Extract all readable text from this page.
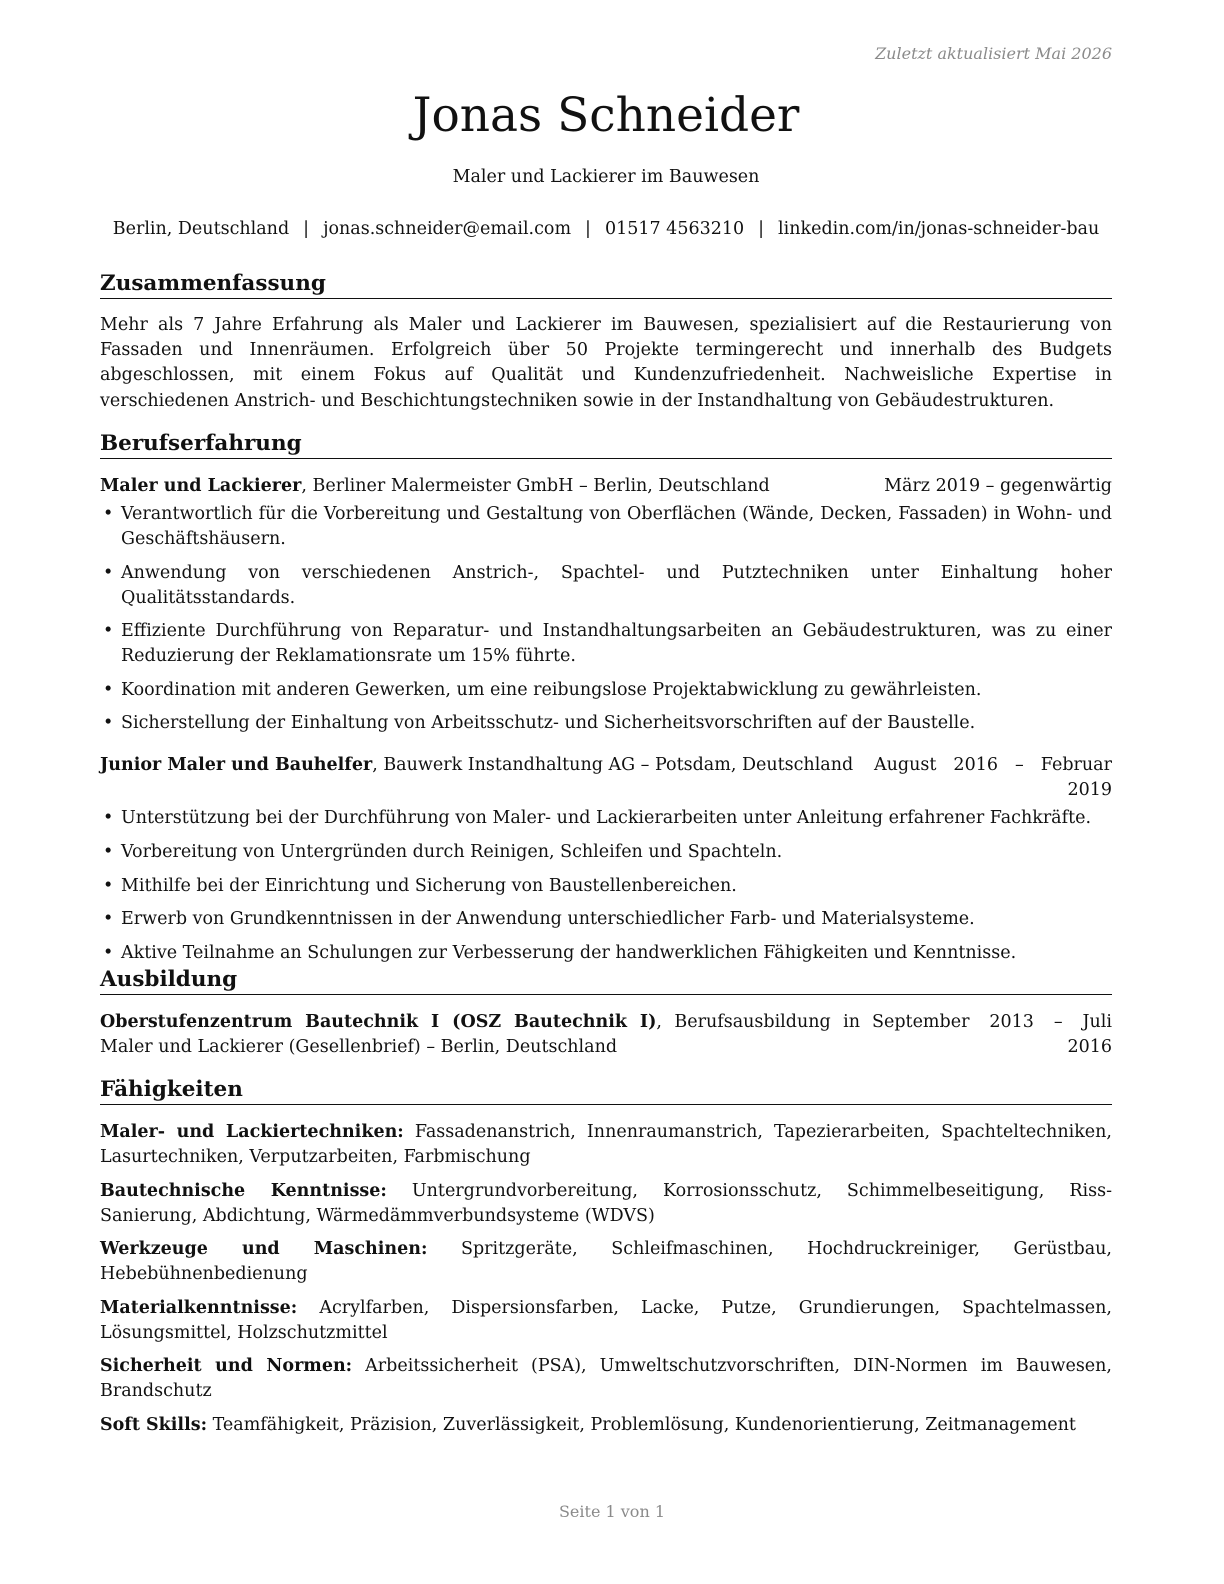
Zuletzt aktualisiert Mai 2026
Jonas Schneider
Maler und Lackierer im Bauwesen
Berlin, Deutschland | jonas.schneider@email.com | 01517 4563210 | linkedin.com/in/jonas-schneider-bau
Zusammenfassung
Mehr als 7 Jahre Erfahrung als Maler und Lackierer im Bauwesen, spezialisiert auf die Restaurierung von Fassaden und Innenräumen. Erfolgreich über 50 Projekte termingerecht und innerhalb des Budgets abgeschlossen, mit einem Fokus auf Qualität und Kundenzufriedenheit. Nachweisliche Expertise in verschiedenen Anstrich- und Beschichtungstechniken sowie in der Instandhaltung von Gebäudestrukturen.
Berufserfahrung
Maler und Lackierer, Berliner Malermeister GmbH – Berlin, Deutschland	März 2019 – gegenwärtig
• Verantwortlich für die Vorbereitung und Gestaltung von Oberflächen (Wände, Decken, Fassaden) in Wohn- und Geschäftshäusern.
• Anwendung von verschiedenen Anstrich-, Spachtel- und Putztechniken unter Einhaltung hoher Qualitätsstandards.
• Effiziente Durchführung von Reparatur- und Instandhaltungsarbeiten an Gebäudestrukturen, was zu einer Reduzierung der Reklamationsrate um 15% führte.
• Koordination mit anderen Gewerken, um eine reibungslose Projektabwicklung zu gewährleisten.
• Sicherstellung der Einhaltung von Arbeitsschutz- und Sicherheitsvorschriften auf der Baustelle.
Junior Maler und Bauhelfer, Bauwerk Instandhaltung AG – Potsdam, Deutschland August 2016 – Februar 2019
• Unterstützung bei der Durchführung von Maler- und Lackierarbeiten unter Anleitung erfahrener Fachkräfte.
• Vorbereitung von Untergründen durch Reinigen, Schleifen und Spachteln.
• Mithilfe bei der Einrichtung und Sicherung von Baustellenbereichen.
• Erwerb von Grundkenntnissen in der Anwendung unterschiedlicher Farb- und Materialsysteme.
• Aktive Teilnahme an Schulungen zur Verbesserung der handwerklichen Fähigkeiten und Kenntnisse.
Ausbildung
Oberstufenzentrum Bautechnik I (OSZ Bautechnik I), Berufsausbildung in Maler und Lackierer (Gesellenbrief) – Berlin, Deutschland
September 2013 – Juli 2016
Fähigkeiten
Maler- und Lackiertechniken: Fassadenanstrich, Innenraumanstrich, Tapezierarbeiten, Spachteltechniken, Lasurtechniken, Verputzarbeiten, Farbmischung
Bautechnische Kenntnisse: Untergrundvorbereitung, Korrosionsschutz, Schimmelbeseitigung, Riss-Sanierung, Abdichtung, Wärmedämmverbundsysteme (WDVS)
Werkzeuge und Maschinen: Spritzgeräte, Schleifmaschinen, Hochdruckreiniger, Gerüstbau, Hebebühnenbedienung
Materialkenntnisse: Acrylfarben, Dispersionsfarben, Lacke, Putze, Grundierungen, Spachtelmassen, Lösungsmittel, Holzschutzmittel
Sicherheit und Normen: Arbeitssicherheit (PSA), Umweltschutzvorschriften, DIN-Normen im Bauwesen, Brandschutz
Soft Skills: Teamfähigkeit, Präzision, Zuverlässigkeit, Problemlösung, Kundenorientierung, Zeitmanagement
Seite 1 von 1
